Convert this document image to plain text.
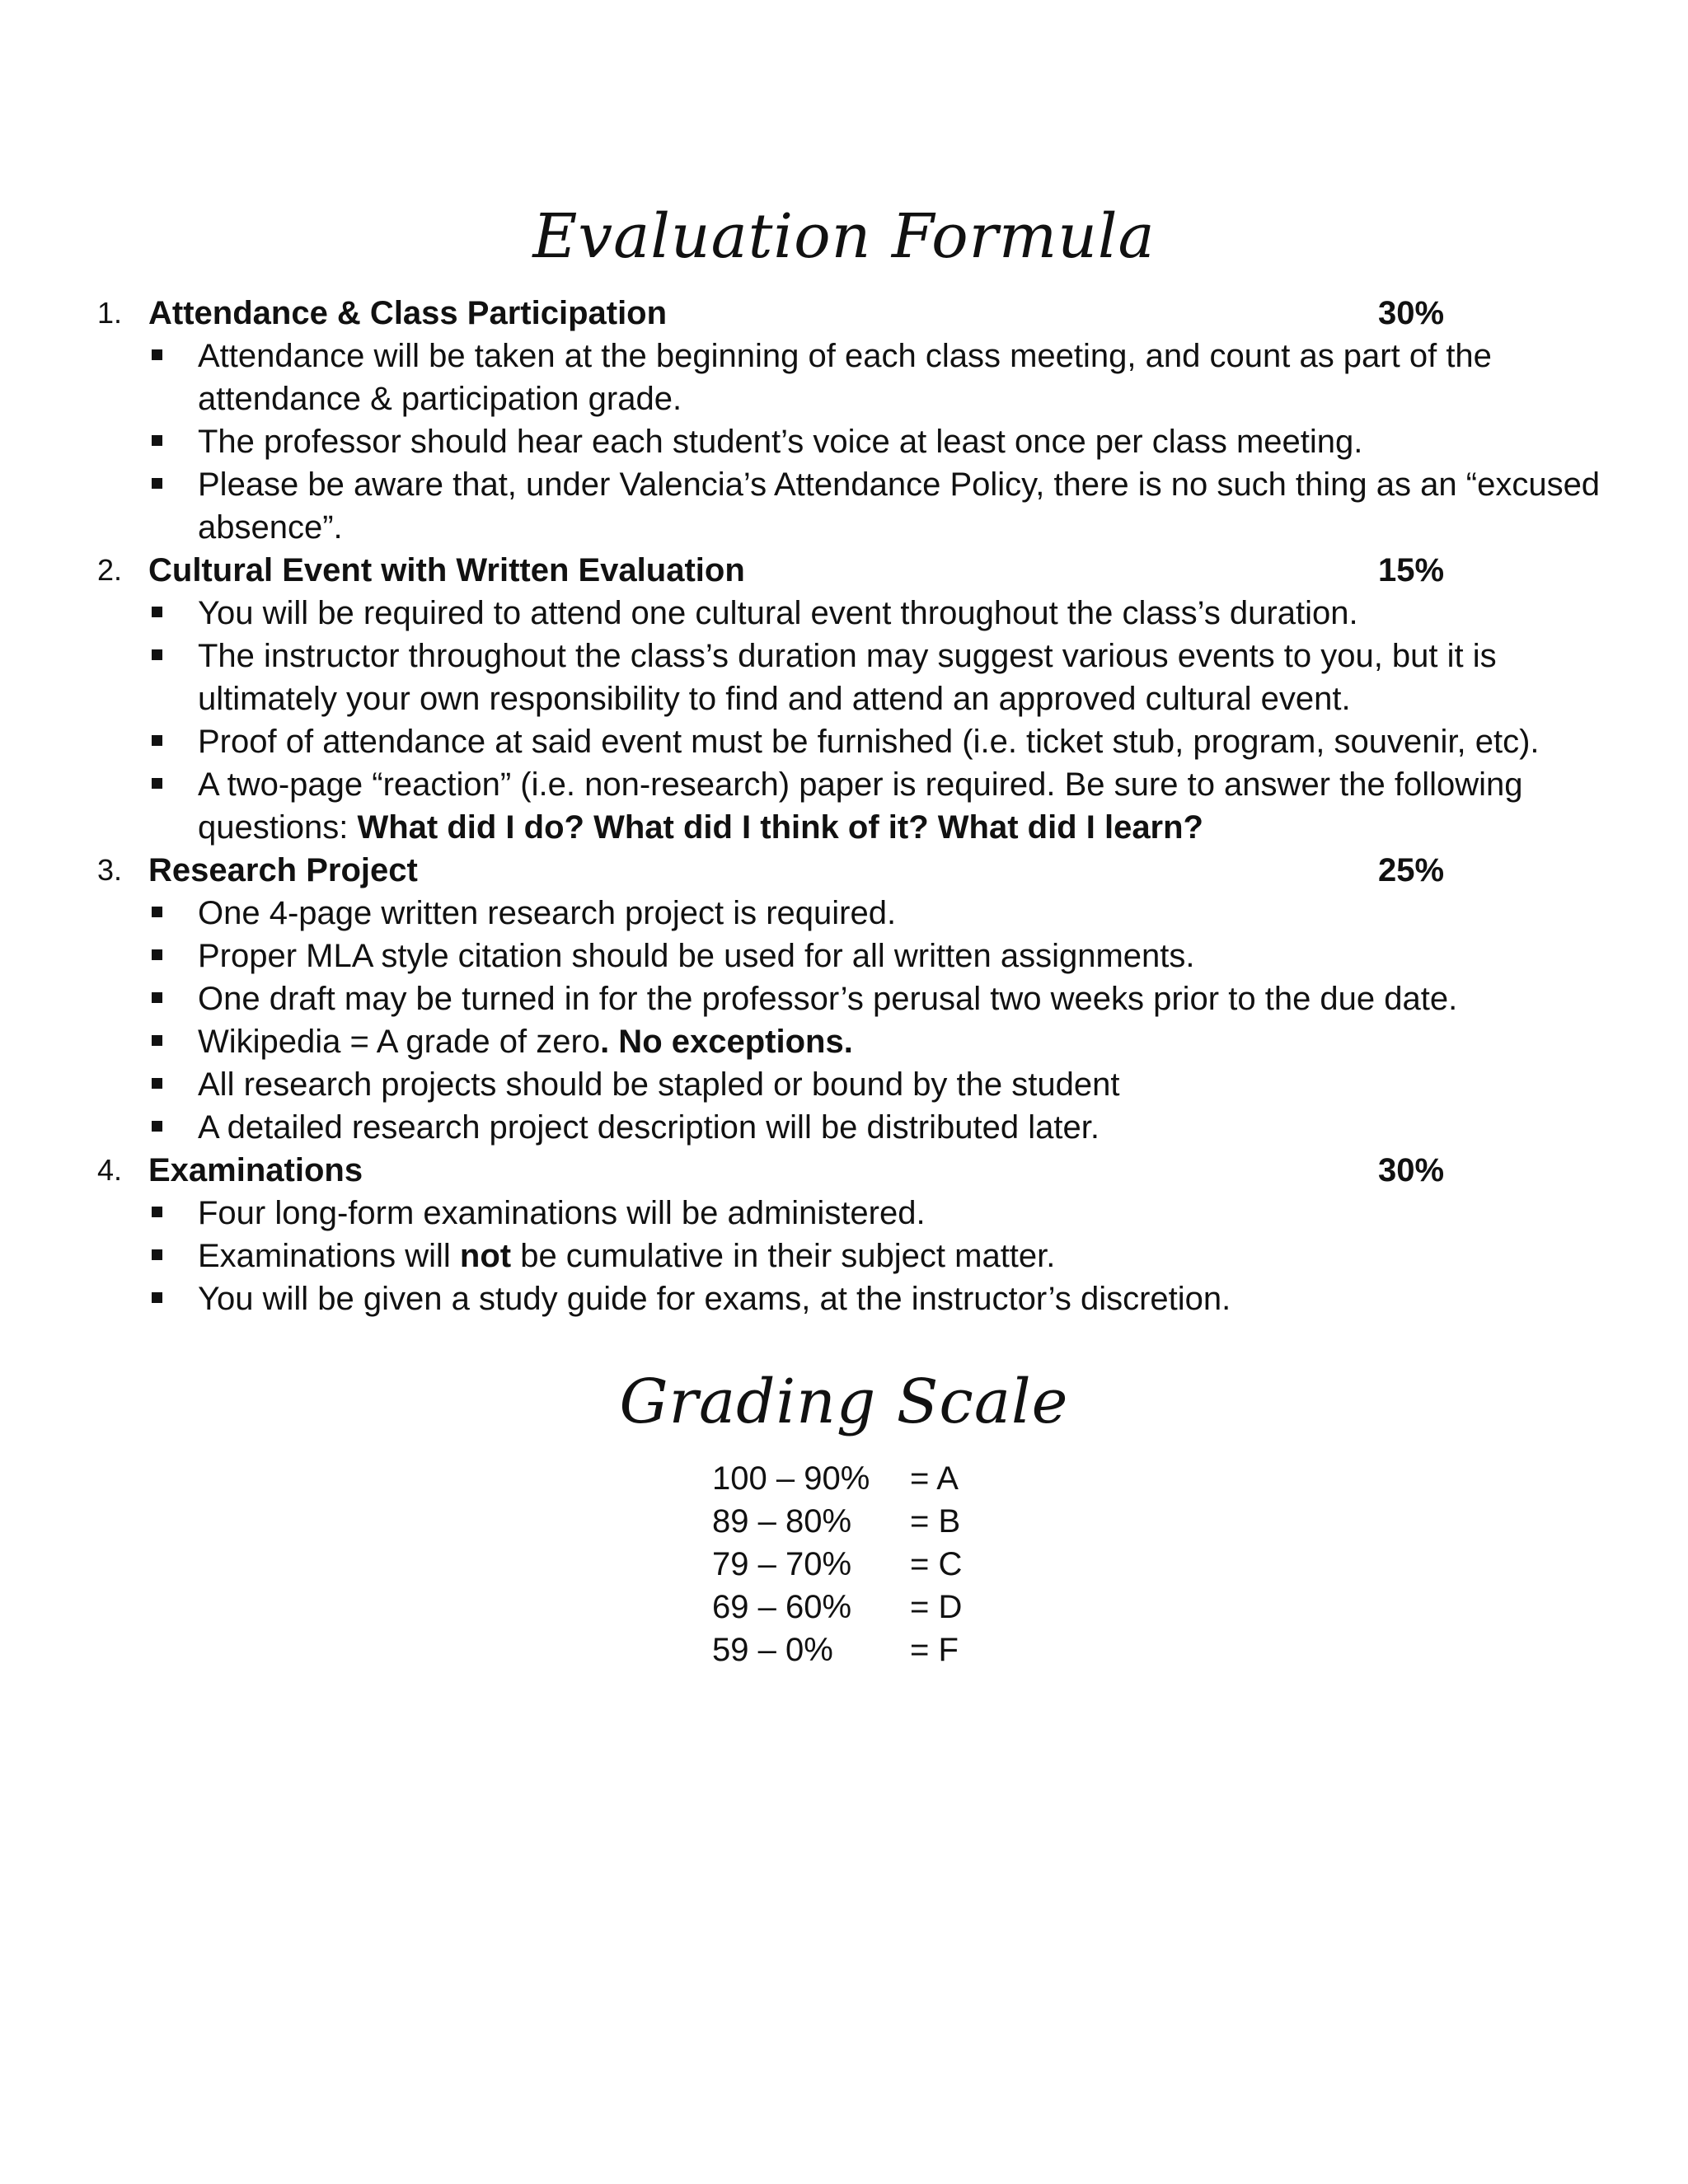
Evaluation Formula
1. Attendance & Class Participation	30%
Attendance will be taken at the beginning of each class meeting, and count as part of the attendance & participation grade.
The professor should hear each student’s voice at least once per class meeting.
Please be aware that, under Valencia’s Attendance Policy, there is no such thing as an “excused absence”.
2. Cultural Event with Written Evaluation	15%
You will be required to attend one cultural event throughout the class’s duration.
The instructor throughout the class’s duration may suggest various events to you, but it is ultimately your own responsibility to find and attend an approved cultural event.
Proof of attendance at said event must be furnished (i.e. ticket stub, program, souvenir, etc).
A two-page “reaction” (i.e. non-research) paper is required. Be sure to answer the following questions: What did I do? What did I think of it? What did I learn?
3. Research Project	25%
One 4-page written research project is required.
Proper MLA style citation should be used for all written assignments.
One draft may be turned in for the professor’s perusal two weeks prior to the due date.
Wikipedia = A grade of zero. No exceptions.
All research projects should be stapled or bound by the student
A detailed research project description will be distributed later.
4. Examinations	30%
Four long-form examinations will be administered.
Examinations will not be cumulative in their subject matter.
You will be given a study guide for exams, at the instructor’s discretion.
Grading Scale
100 – 90% = A
89 – 80% = B
79 – 70% = C
69 – 60% = D
59 – 0% = F
